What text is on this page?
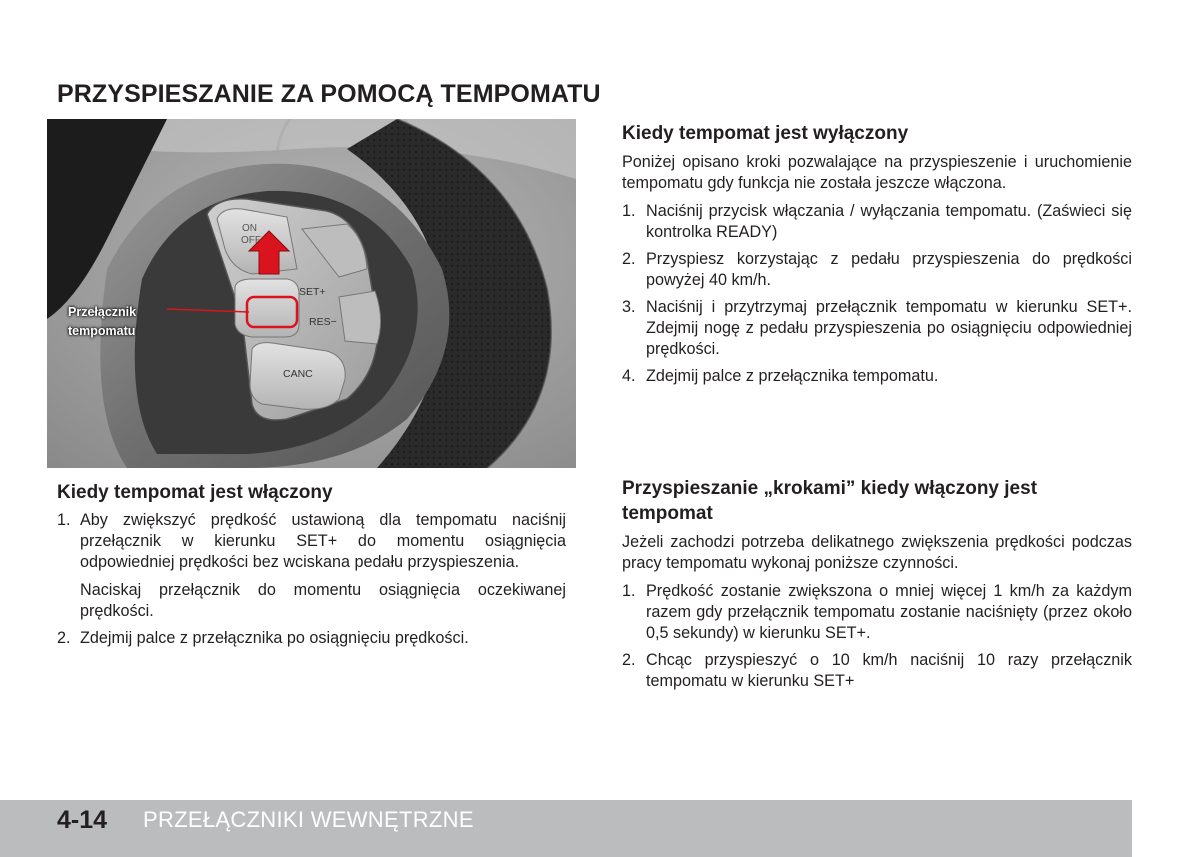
PRZYSPIESZANIE ZA POMOCĄ TEMPOMATU
ON
OFF
SET+
RES−
CANC
Przełącznik
tempomatu
Kiedy tempomat jest włączony
1. Aby zwiększyć prędkość ustawioną dla tempomatu naciśnij przełącznik w kierunku SET+ do momentu osiągnięcia odpowiedniej prędkości bez wciskana pedału przyspieszenia.
Naciskaj przełącznik do momentu osiągnięcia oczekiwanej prędkości.
2. Zdejmij palce z przełącznika po osiągnięciu prędkości.
Kiedy tempomat jest wyłączony

Poniżej opisano kroki pozwalające na przyspieszenie i uruchomienie tempomatu gdy funkcja nie została jeszcze włączona.

1. Naciśnij przycisk włączania / wyłączania tempomatu. (Zaświeci się kontrolka READY)
2. Przyspiesz korzystając z pedału przyspieszenia do prędkości powyżej 40 km/h.
3. Naciśnij i przytrzymaj przełącznik tempomatu w kierunku SET+. Zdejmij nogę z pedału przyspieszenia po osiągnięciu odpowiedniej prędkości.
4. Zdejmij palce z przełącznika tempomatu.
Przyspieszanie „krokami” kiedy włączony jest tempomat

Jeżeli zachodzi potrzeba delikatnego zwiększenia prędkości podczas pracy tempomatu wykonaj poniższe czynności.

1. Prędkość zostanie zwiększona o mniej więcej 1 km/h za każdym razem gdy przełącznik tempomatu zostanie naciśnięty (przez około 0,5 sekundy) w kierunku SET+.
2. Chcąc przyspieszyć o 10 km/h naciśnij 10 razy przełącznik tempomatu w kierunku SET+
4-14 PRZEŁĄCZNIKI WEWNĘTRZNE
